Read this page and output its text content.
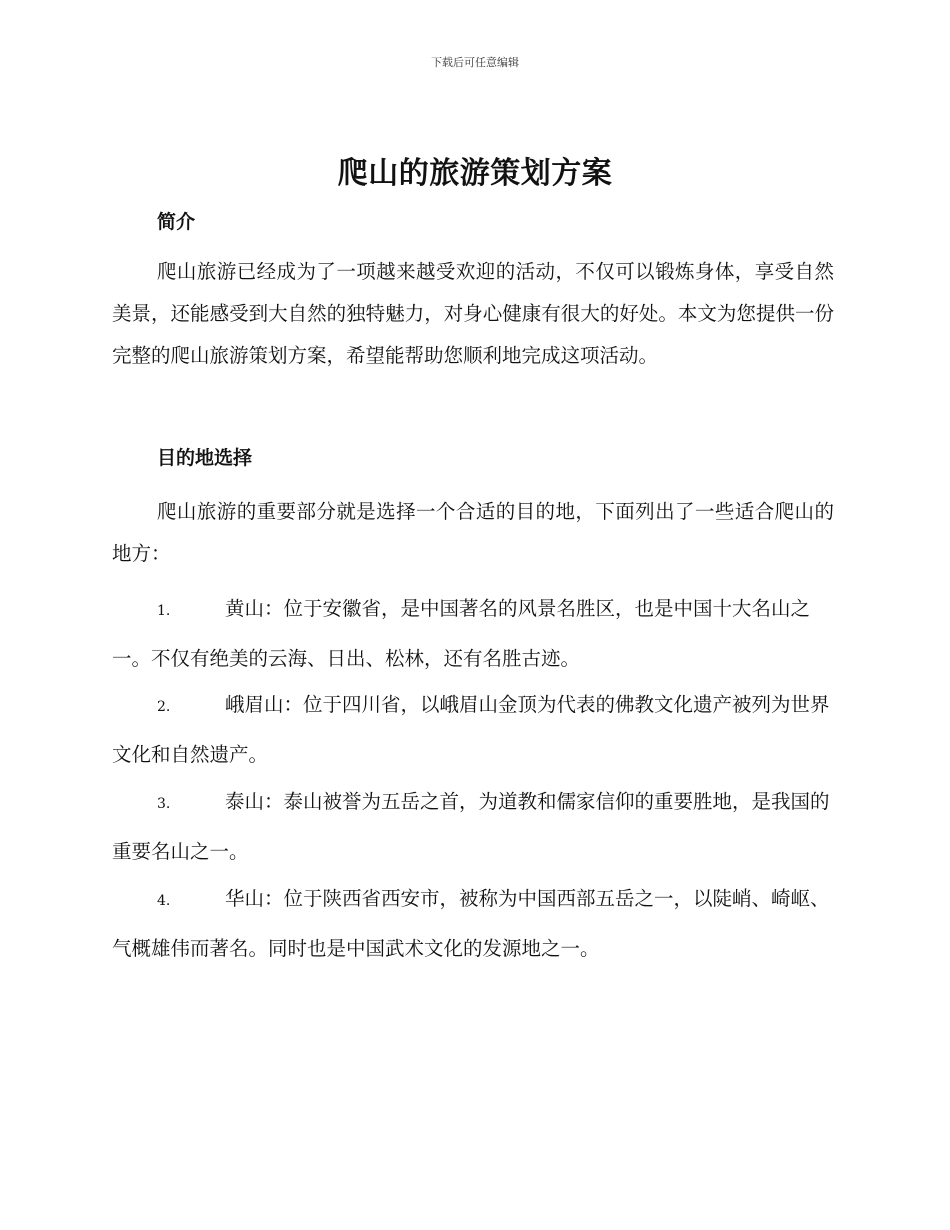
下载后可任意编辑
爬山的旅游策划方案
简介

爬山旅游已经成为了一项越来越受欢迎的活动，不仅可以锻炼身体，享受自然美景，还能感受到大自然的独特魅力，对身心健康有很大的好处。本文为您提供一份完整的爬山旅游策划方案，希望能帮助您顺利地完成这项活动。

目的地选择

爬山旅游的重要部分就是选择一个合适的目的地，下面列出了一些适合爬山的地方：

1.	黄山：位于安徽省，是中国著名的风景名胜区，也是中国十大名山之一。不仅有绝美的云海、日出、松林，还有名胜古迹。

2.	峨眉山：位于四川省，以峨眉山金顶为代表的佛教文化遗产被列为世界文化和自然遗产。

3.	泰山：泰山被誉为五岳之首，为道教和儒家信仰的重要胜地，是我国的重要名山之一。

4.	华山：位于陕西省西安市，被称为中国西部五岳之一，以陡峭、崎岖、气概雄伟而著名。同时也是中国武术文化的发源地之一。
